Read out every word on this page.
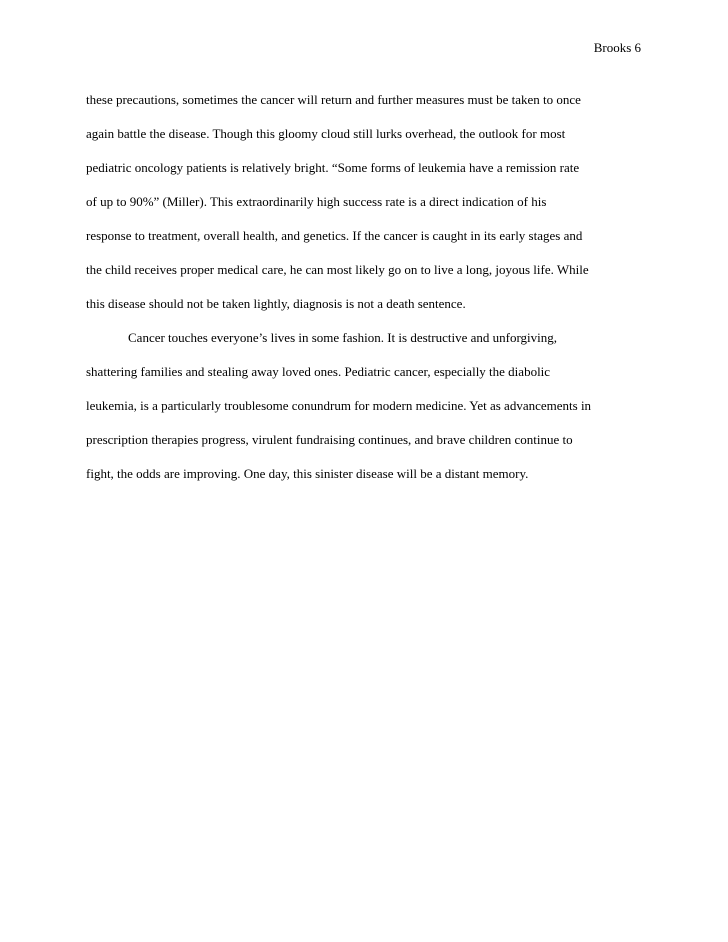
Brooks 6
these precautions, sometimes the cancer will return and further measures must be taken to once
again battle the disease. Though this gloomy cloud still lurks overhead, the outlook for most
pediatric oncology patients is relatively bright. “Some forms of leukemia have a remission rate
of up to 90%” (Miller). This extraordinarily high success rate is a direct indication of his
response to treatment, overall health, and genetics. If the cancer is caught in its early stages and
the child receives proper medical care, he can most likely go on to live a long, joyous life. While
this disease should not be taken lightly, diagnosis is not a death sentence.
Cancer touches everyone’s lives in some fashion. It is destructive and unforgiving,
shattering families and stealing away loved ones. Pediatric cancer, especially the diabolic
leukemia, is a particularly troublesome conundrum for modern medicine. Yet as advancements in
prescription therapies progress, virulent fundraising continues, and brave children continue to
fight, the odds are improving. One day, this sinister disease will be a distant memory.
